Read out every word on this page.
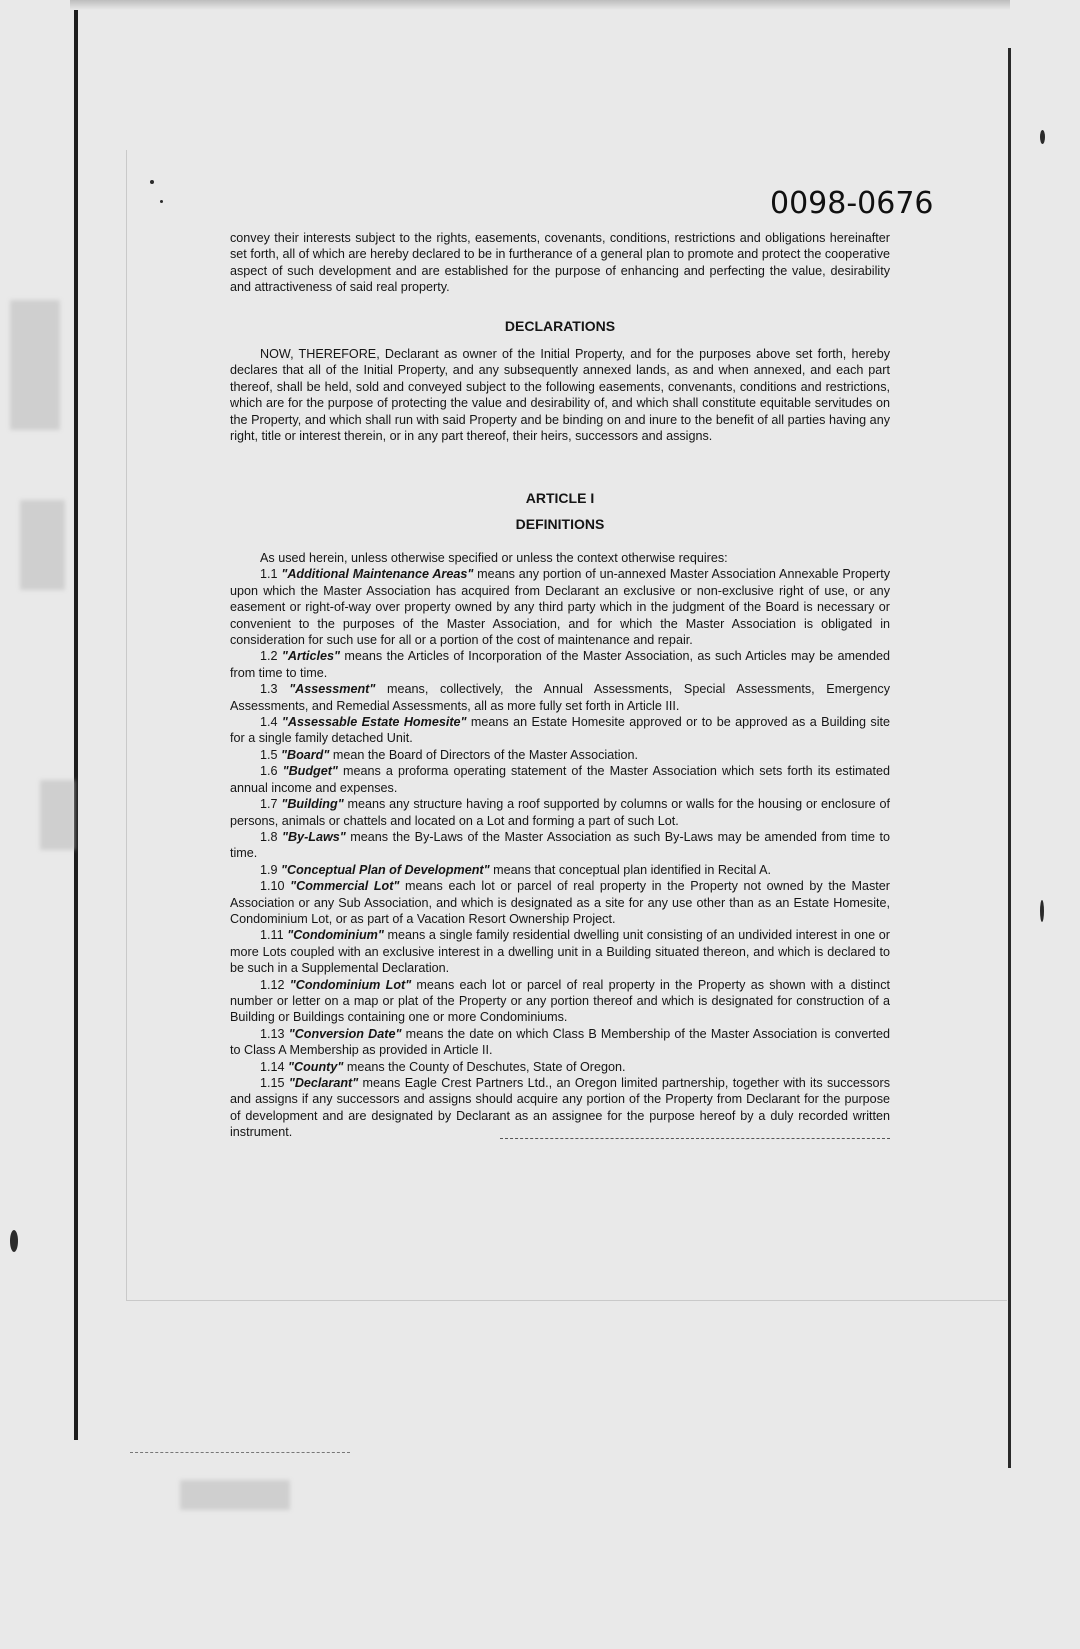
0098-0676
convey their interests subject to the rights, easements, covenants, conditions, restrictions and obligations hereinafter set forth, all of which are hereby declared to be in furtherance of a general plan to promote and protect the cooperative aspect of such development and are established for the purpose of enhancing and perfecting the value, desirability and attractiveness of said real property.
DECLARATIONS
NOW, THEREFORE, Declarant as owner of the Initial Property, and for the purposes above set forth, hereby declares that all of the Initial Property, and any subsequently annexed lands, as and when annexed, and each part thereof, shall be held, sold and conveyed subject to the following easements, convenants, conditions and restrictions, which are for the purpose of protecting the value and desirability of, and which shall constitute equitable servitudes on the Property, and which shall run with said Property and be binding on and inure to the benefit of all parties having any right, title or interest therein, or in any part thereof, their heirs, successors and assigns.
ARTICLE I
DEFINITIONS

As used herein, unless otherwise specified or unless the context otherwise requires:

1.1 "Additional Maintenance Areas" means any portion of un-annexed Master Association Annexable Property upon which the Master Association has acquired from Declarant an exclusive or non-exclusive right of use, or any easement or right-of-way over property owned by any third party which in the judgment of the Board is necessary or convenient to the purposes of the Master Association, and for which the Master Association is obligated in consideration for such use for all or a portion of the cost of maintenance and repair.

1.2 "Articles" means the Articles of Incorporation of the Master Association, as such Articles may be amended from time to time.

1.3 "Assessment" means, collectively, the Annual Assessments, Special Assessments, Emergency Assessments, and Remedial Assessments, all as more fully set forth in Article III.

1.4 "Assessable Estate Homesite" means an Estate Homesite approved or to be approved as a Building site for a single family detached Unit.

1.5 "Board" mean the Board of Directors of the Master Association.

1.6 "Budget" means a proforma operating statement of the Master Association which sets forth its estimated annual income and expenses.

1.7 "Building" means any structure having a roof supported by columns or walls for the housing or enclosure of persons, animals or chattels and located on a Lot and forming a part of such Lot.

1.8 "By-Laws" means the By-Laws of the Master Association as such By-Laws may be amended from time to time.

1.9 "Conceptual Plan of Development" means that conceptual plan identified in Recital A.

1.10 "Commercial Lot" means each lot or parcel of real property in the Property not owned by the Master Association or any Sub Association, and which is designated as a site for any use other than as an Estate Homesite, Condominium Lot, or as part of a Vacation Resort Ownership Project.

1.11 "Condominium" means a single family residential dwelling unit consisting of an undivided interest in one or more Lots coupled with an exclusive interest in a dwelling unit in a Building situated thereon, and which is declared to be such in a Supplemental Declaration.

1.12 "Condominium Lot" means each lot or parcel of real property in the Property as shown with a distinct number or letter on a map or plat of the Property or any portion thereof and which is designated for construction of a Building or Buildings containing one or more Condominiums.

1.13 "Conversion Date" means the date on which Class B Membership of the Master Association is converted to Class A Membership as provided in Article II.

1.14 "County" means the County of Deschutes, State of Oregon.

1.15 "Declarant" means Eagle Crest Partners Ltd., an Oregon limited partnership, together with its successors and assigns if any successors and assigns should acquire any portion of the Property from Declarant for the purpose of development and are designated by Declarant as an assignee for the purpose hereof by a duly recorded written instrument.
